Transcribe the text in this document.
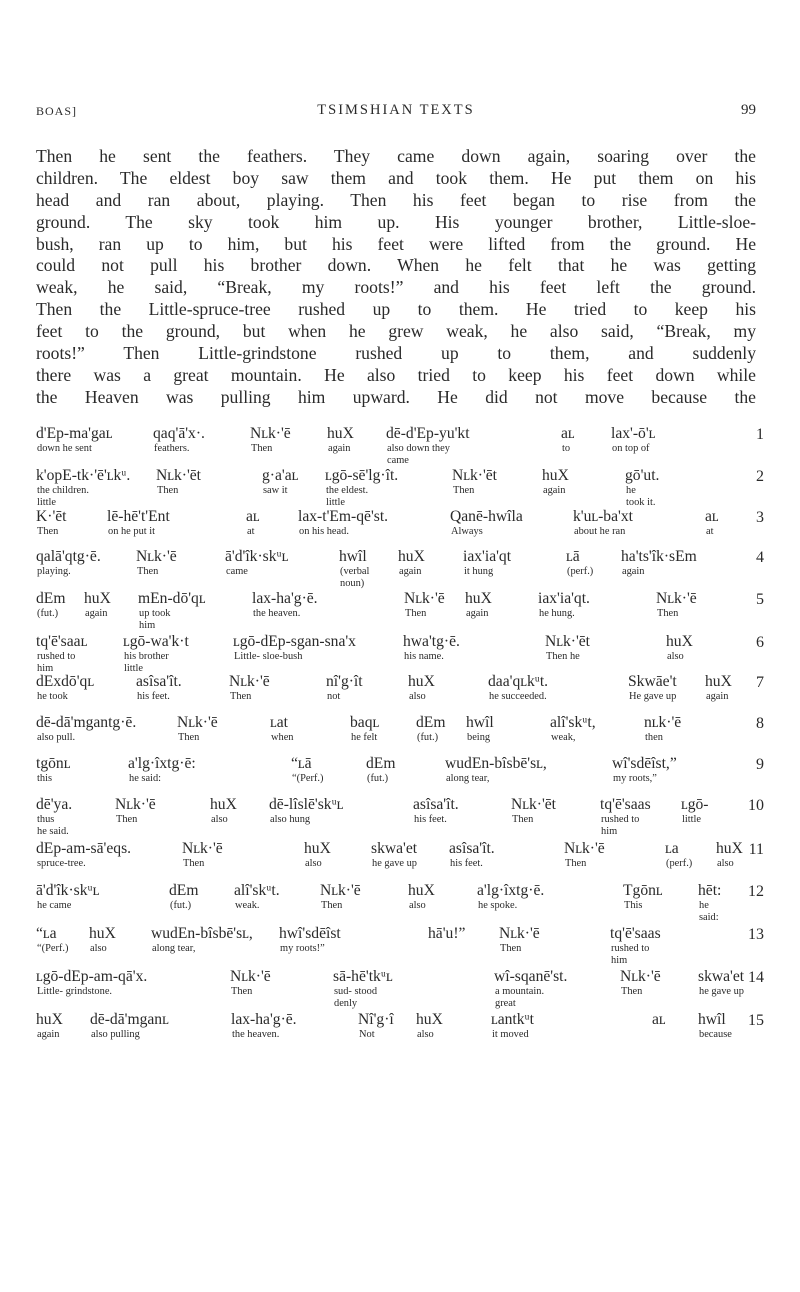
BOAS]	TSIMSHIAN TEXTS	99
Then he sent the feathers. They came down again, soaring over the
children. The eldest boy saw them and took them. He put them on his
head and ran about, playing. Then his feet began to rise from the
ground. The sky took him up. His younger brother, Little-sloe-
bush, ran up to him, but his feet were lifted from the ground. He
could not pull his brother down. When he felt that he was getting
weak, he said, “Break, my roots!” and his feet left the ground.
Then the Little-spruce-tree rushed up to them. He tried to keep his
feet to the ground, but when he grew weak, he also said, “Break, my
roots!” Then Little-grindstone rushed up to them, and suddenly
there was a great mountain. He also tried to keep his feet down while
the Heaven was pulling him upward. He did not move because the
d'Ep-ma'gaʟ
down he sent
qaq'ā'x·.
feathers.
Nʟk·'ē
Then
huX
again
dē-d'Ep-yu'kt
also down they
came
aʟ
to
lax'-ō'ʟ
on top of
1
k'opE-tk·'ē'ʟkᵘ.
the children.
little
Nʟk·'ēt
Then
g·a'aʟ
saw it
ʟgō-sē'lg·ît.
the eldest.
little
Nʟk·'ēt
Then
huX
again
gō'ut.
he
took it.
2
K·'ēt
Then
lē-hē't'Ent
on he put it
aʟ
at
lax-t'Em-qē'st.
on his head.
Qanē-hwîla
Always
k'uʟ-ba'xt
about he ran
aʟ
at
3
qalā'qtg·ē.
playing.
Nʟk·'ē
Then
ā'd'îk·skᵘʟ
came
hwîl
(verbal
noun)
huX
again
iax'ia'qt
it hung
ʟā
(perf.)
ha'ts'îk·sEm
again
4
dEm
(fut.)
huX
again
mEn-dō'qʟ
up took
him
lax-ha'g·ē.
the heaven.
Nʟk·'ē
Then
huX
again
iax'ia'qt.
he hung.
Nʟk·'ē
Then
5
tq'ē'saaʟ
rushed to
him
ʟgō-wa'k·t
his brother
little
ʟgō-dEp-sgan-sna'x
Little- sloe-bush
hwa'tg·ē.
his name.
Nʟk·'ēt
Then he
huX
also
6
dExdō'qʟ
he took
asîsa'ît.
his feet.
Nʟk·'ē
Then
nî'g·ît
not
huX
also
daa'qʟkᵘt.
he succeeded.
Skwāe't
He gave up
huX
again
7
dē-dā'mgantg·ē.
also pull.
Nʟk·'ē
Then
ʟat
when
baqʟ
he felt
dEm
(fut.)
hwîl
being
alî'skᵘt,
weak,
nʟk·'ē
then
8
tgōnʟ
this
a'lg·îxtg·ē:
he said:
“ʟā
“(Perf.)
dEm
(fut.)
wudEn-bîsbē'sʟ,
along tear,
wî'sdēîst,”
my roots,”
9
dē'ya.
thus
he said.
Nʟk·'ē
Then
huX
also
dē-lîslē'skᵘʟ
also hung
asîsa'ît.
his feet.
Nʟk·'ēt
Then
tq'ē'saas
rushed to
him
ʟgō-
little
10
dEp-am-sā'eqs.
spruce-tree.
Nʟk·'ē
Then
huX
also
skwa'et
he gave up
asîsa'ît.
his feet.
Nʟk·'ē
Then
ʟa
(perf.)
huX
also
11
ā'd'îk·skᵘʟ
he came
dEm
(fut.)
alî'skᵘt.
weak.
Nʟk·'ē
Then
huX
also
a'lg·îxtg·ē.
he spoke.
Tgōnʟ
This
hēt:
he
said:
12
“ʟa
“(Perf.)
huX
also
wudEn-bîsbē'sʟ,
along tear,
hwî'sdēîst
my roots!”
hā'u!” Nʟk·'ē
Then
tq'ē'saas
rushed to
him
13
ʟgō-dEp-am-qā'x.
Little- grindstone.
Nʟk·'ē
Then
sā-hē'tkᵘʟ
sud- stood
denly
wî-sqanē'st.
a mountain.
great
Nʟk·'ē
Then
skwa'et
he gave up
14
huX
again
dē-dā'mganʟ
also pulling
lax-ha'g·ē.
the heaven.
Nî'g·î
Not
huX
also
ʟantkᵘt
it moved
aʟ hwîl
because
15
